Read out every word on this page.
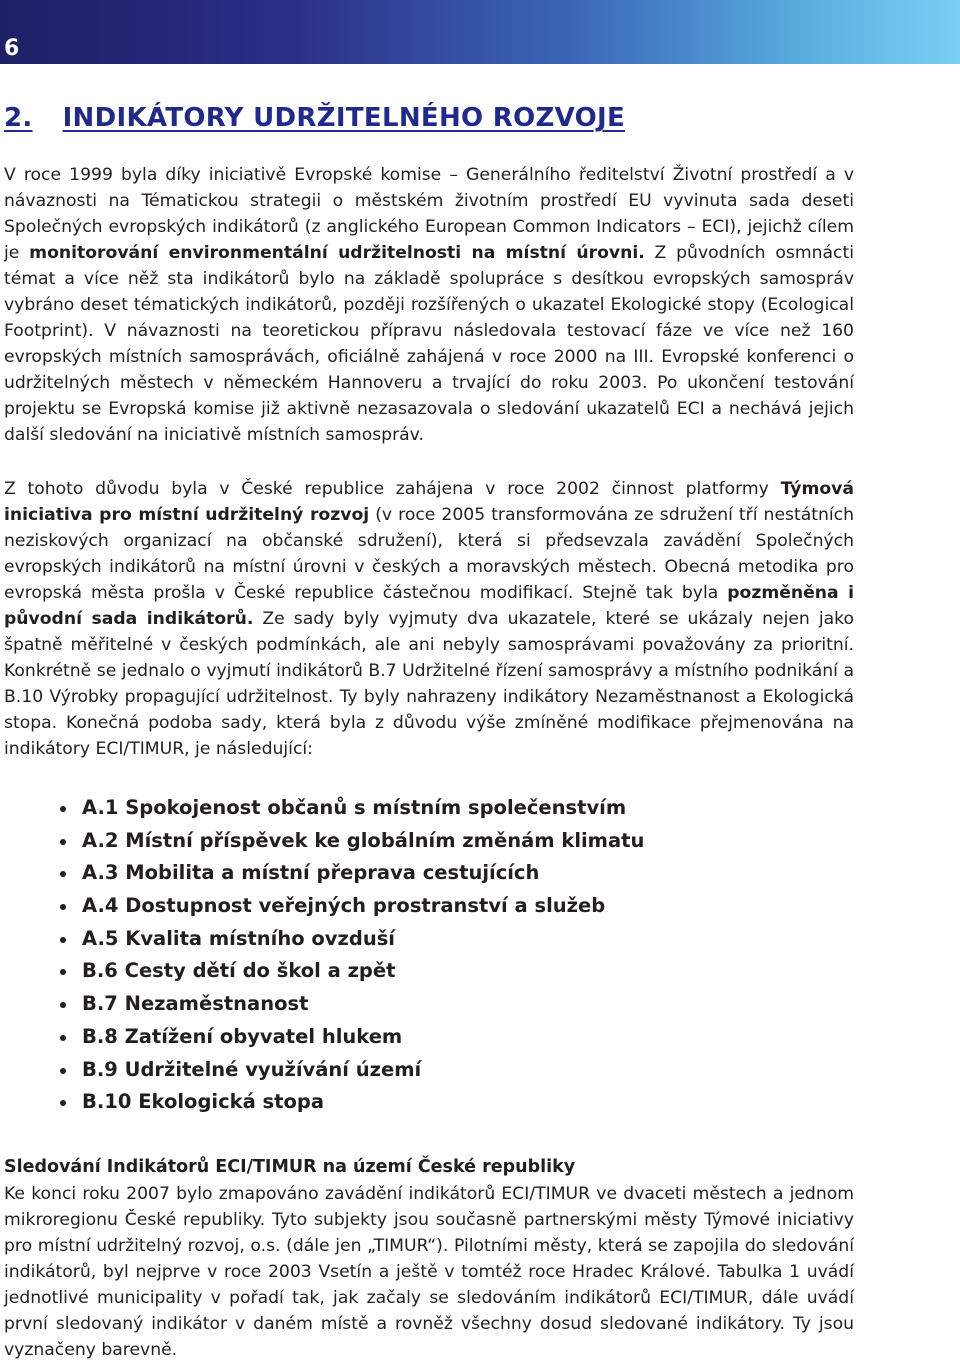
6
2. INDIKÁTORY UDRŽITELNÉHO ROZVOJE

V roce 1999 byla díky iniciativě Evropské komise – Generálního ředitelství Životní prostředí a v návaznosti na Tématickou strategii o městském životním prostředí EU vyvinuta sada deseti Společných evropských indikátorů (z anglického European Common Indicators – ECI), jejichž cílem je monitorování environmentální udržitelnosti na místní úrovni. Z původních osmnácti témat a více něž sta indikátorů bylo na základě spolupráce s desítkou evropských samospráv vybráno deset tématických indikátorů, později rozšířených o ukazatel Ekologické stopy (Ecological Footprint). V návaznosti na teoretickou přípravu následovala testovací fáze ve více než 160 evropských místních samosprávách, oficiálně zahájená v roce 2000 na III. Evropské konferenci o udržitelných městech v německém Hannoveru a trvající do roku 2003. Po ukončení testování projektu se Evropská komise již aktivně nezasazovala o sledování ukazatelů ECI a nechává jejich další sledování na iniciativě místních samospráv.

Z tohoto důvodu byla v České republice zahájena v roce 2002 činnost platformy Týmová iniciativa pro místní udržitelný rozvoj (v roce 2005 transformována ze sdružení tří nestátních neziskových organizací na občanské sdružení), která si předsevzala zavádění Společných evropských indikátorů na místní úrovni v českých a moravských městech. Obecná metodika pro evropská města prošla v České republice částečnou modifikací. Stejně tak byla pozměněna i původní sada indikátorů. Ze sady byly vyjmuty dva ukazatele, které se ukázaly nejen jako špatně měřitelné v českých podmínkách, ale ani nebyly samosprávami považovány za prioritní. Konkrétně se jednalo o vyjmutí indikátorů B.7 Udržitelné řízení samosprávy a místního podnikání a B.10 Výrobky propagující udržitelnost. Ty byly nahrazeny indikátory Nezaměstnanost a Ekologická stopa. Konečná podoba sady, která byla z důvodu výše zmíněné modifikace přejmenována na indikátory ECI/TIMUR, je následující:

A.1 Spokojenost občanů s místním společenstvím
A.2 Místní příspěvek ke globálním změnám klimatu
A.3 Mobilita a místní přeprava cestujících
A.4 Dostupnost veřejných prostranství a služeb
A.5 Kvalita místního ovzduší
B.6 Cesty dětí do škol a zpět
B.7 Nezaměstnanost
B.8 Zatížení obyvatel hlukem
B.9 Udržitelné využívání území
B.10 Ekologická stopa
Sledování Indikátorů ECI/TIMUR na území České republiky

Ke konci roku 2007 bylo zmapováno zavádění indikátorů ECI/TIMUR ve dvaceti městech a jednom mikroregionu České republiky. Tyto subjekty jsou současně partnerskými městy Týmové iniciativy pro místní udržitelný rozvoj, o.s. (dále jen „TIMUR“). Pilotními městy, která se zapojila do sledování indikátorů, byl nejprve v roce 2003 Vsetín a ještě v tomtéž roce Hradec Králové. Tabulka 1 uvádí jednotlivé municipality v pořadí tak, jak začaly se sledováním indikátorů ECI/TIMUR, dále uvádí první sledovaný indikátor v daném místě a rovněž všechny dosud sledované indikátory. Ty jsou vyznačeny barevně.
